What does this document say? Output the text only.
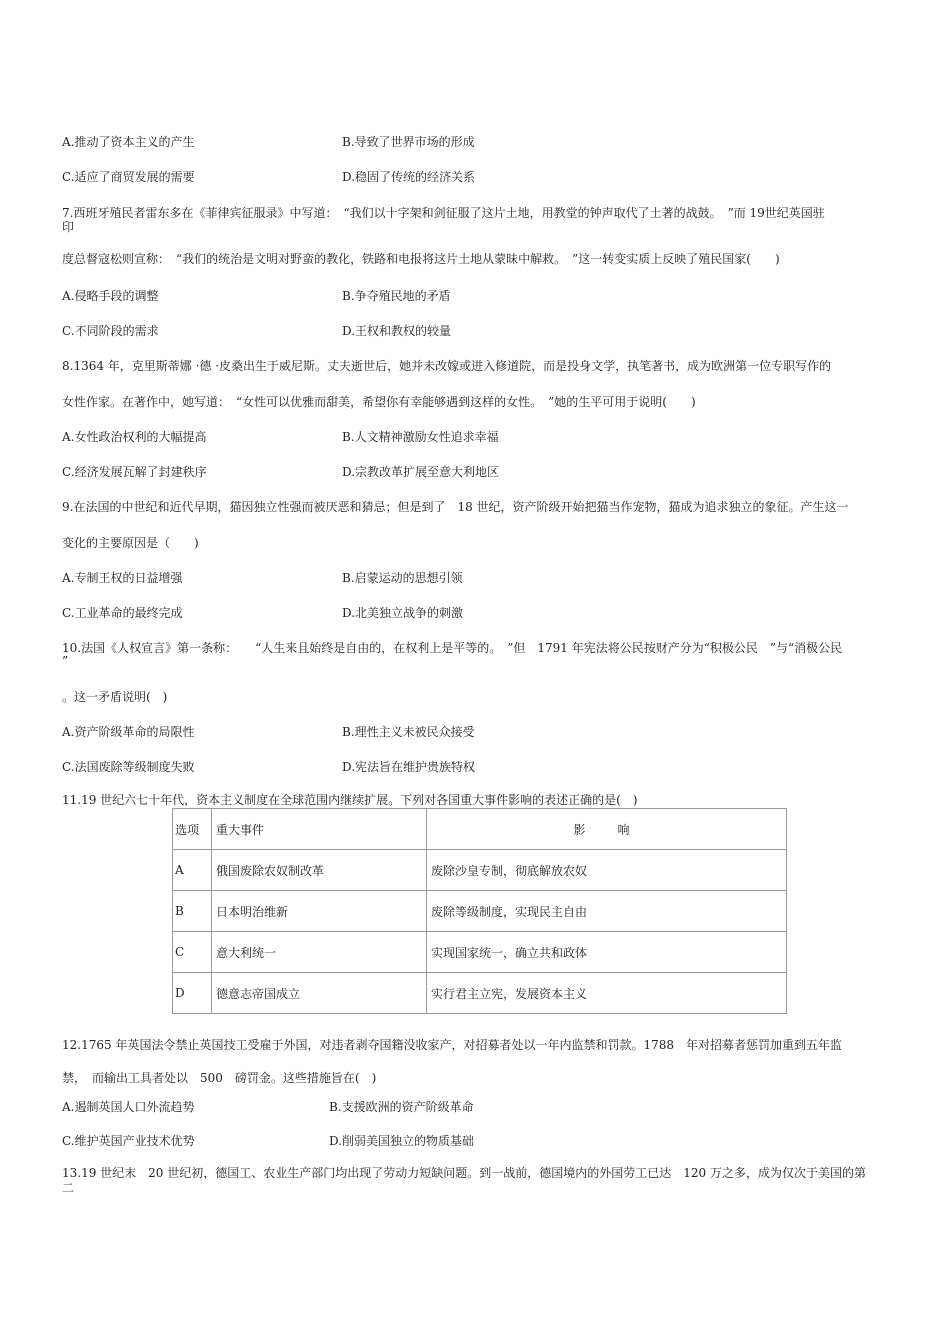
A.推动了资本主义的产生	B.导致了世界市场的形成
C.适应了商贸发展的需要	D.稳固了传统的经济关系
7.西班牙殖民者雷东多在《菲律宾征服录》中写道：　“我们以十字架和剑征服了这片土地，用教堂的钟声取代了土著的战鼓。　”而 19世纪英国驻
印
度总督寇松则宣称：　“我们的统治是文明对野蛮的教化，铁路和电报将这片土地从蒙昧中解救。　”这一转变实质上反映了殖民国家(　　)
A.侵略手段的调整	B.争夺殖民地的矛盾
C.不同阶段的需求	D.王权和教权的较量
8.1364 年，克里斯蒂娜 ·德 ·皮桑出生于威尼斯。丈夫逝世后，她并未改嫁或进入修道院，而是投身文学，执笔著书，成为欧洲第一位专职写作的
女性作家。在著作中，她写道：　“女性可以优雅而甜美，希望你有幸能够遇到这样的女性。　”她的生平可用于说明(　　)
A.女性政治权利的大幅提高	B.人文精神激励女性追求幸福
C.经济发展瓦解了封建秩序	D.宗教改革扩展至意大利地区
9.在法国的中世纪和近代早期，猫因独立性强而被厌恶和猜忌；但是到了　18 世纪，资产阶级开始把猫当作宠物，猫成为追求独立的象征。产生这一
变化的主要原因是（　　)
A.专制王权的日益增强	B.启蒙运动的思想引领
C.工业革命的最终完成	D.北美独立战争的刺激
10.法国《人权宣言》第一条称：　　“人生来且始终是自由的，在权利上是平等的。　”但　1791 年宪法将公民按财产分为“积极公民　”与“消极公民
”
。这一矛盾说明(　)
A.资产阶级革命的局限性	B.理性主义未被民众接受
C.法国废除等级制度失败	D.宪法旨在维护贵族特权
11.19 世纪六七十年代，资本主义制度在全球范围内继续扩展。下列对各国重大事件影响的表述正确的是(　)
选项	重大事件	影　响
A	俄国废除农奴制改革	废除沙皇专制，彻底解放农奴
B	日本明治维新	废除等级制度，实现民主自由
C	意大利统一	实现国家统一，确立共和政体
D	德意志帝国成立	实行君主立宪，发展资本主义
12.1765 年英国法令禁止英国技工受雇于外国，对违者剥夺国籍没收家产，对招募者处以一年内监禁和罚款。1788　年对招募者惩罚加重到五年监
禁，　而输出工具者处以　500　磅罚金。这些措施旨在(　)
A.遏制英国人口外流趋势	B.支援欧洲的资产阶级革命
C.维护英国产业技术优势	D.削弱美国独立的物质基础
13.19 世纪末　20 世纪初，德国工、农业生产部门均出现了劳动力短缺问题。到一战前，德国境内的外国劳工已达　120 万之多，成为仅次于美国的第
二
